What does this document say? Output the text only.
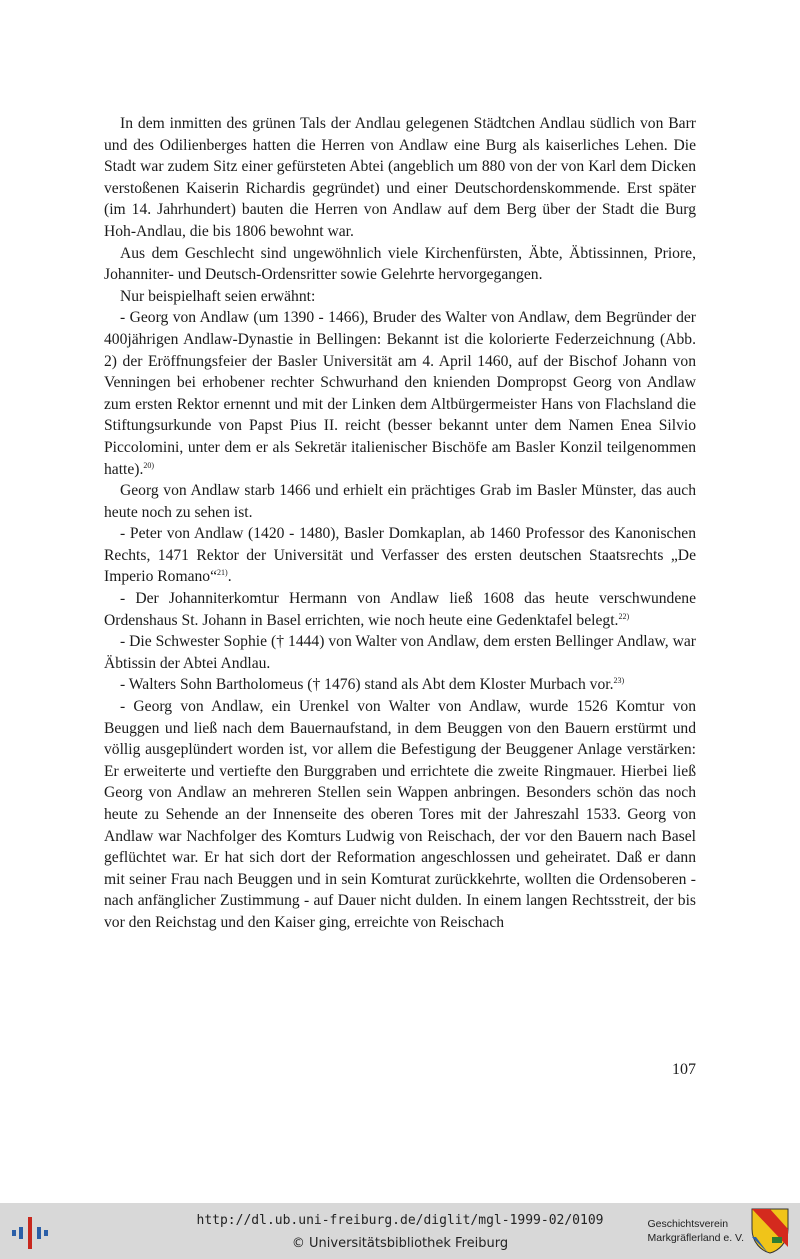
In dem inmitten des grünen Tals der Andlau gelegenen Städtchen Andlau südlich von Barr und des Odilienberges hatten die Herren von Andlaw eine Burg als kaiserliches Lehen. Die Stadt war zudem Sitz einer gefürsteten Abtei (angeblich um 880 von der von Karl dem Dicken verstoßenen Kaiserin Richardis gegründet) und einer Deutschordenskommende. Erst später (im 14. Jahrhundert) bauten die Herren von Andlaw auf dem Berg über der Stadt die Burg Hoh-Andlau, die bis 1806 bewohnt war.

Aus dem Geschlecht sind ungewöhnlich viele Kirchenfürsten, Äbte, Äbtissinnen, Priore, Johanniter- und Deutsch-Ordensritter sowie Gelehrte hervorgegangen.

Nur beispielhaft seien erwähnt:

- Georg von Andlaw (um 1390 - 1466), Bruder des Walter von Andlaw, dem Begründer der 400jährigen Andlaw-Dynastie in Bellingen: Bekannt ist die kolorierte Federzeichnung (Abb. 2) der Eröffnungsfeier der Basler Universität am 4. April 1460, auf der Bischof Johann von Venningen bei erhobener rechter Schwurhand den knienden Dompropst Georg von Andlaw zum ersten Rektor ernennt und mit der Linken dem Altbürgermeister Hans von Flachsland die Stiftungsurkunde von Papst Pius II. reicht (besser bekannt unter dem Namen Enea Silvio Piccolomini, unter dem er als Sekretär italienischer Bischöfe am Basler Konzil teilgenommen hatte).$^{20)}$

Georg von Andlaw starb 1466 und erhielt ein prächtiges Grab im Basler Münster, das auch heute noch zu sehen ist.

- Peter von Andlaw (1420 - 1480), Basler Domkaplan, ab 1460 Professor des Kanonischen Rechts, 1471 Rektor der Universität und Verfasser des ersten deutschen Staatsrechts „De Imperio Romano“$^{21)}$.

- Der Johanniterkomtur Hermann von Andlaw ließ 1608 das heute verschwundene Ordenshaus St. Johann in Basel errichten, wie noch heute eine Gedenktafel belegt.$^{22)}$

- Die Schwester Sophie († 1444) von Walter von Andlaw, dem ersten Bellinger Andlaw, war Äbtissin der Abtei Andlau.

- Walters Sohn Bartholomeus († 1476) stand als Abt dem Kloster Murbach vor.$^{23)}$

- Georg von Andlaw, ein Urenkel von Walter von Andlaw, wurde 1526 Komtur von Beuggen und ließ nach dem Bauernaufstand, in dem Beuggen von den Bauern erstürmt und völlig ausgeplündert worden ist, vor allem die Befestigung der Beuggener Anlage verstärken: Er erweiterte und vertiefte den Burggraben und errichtete die zweite Ringmauer. Hierbei ließ Georg von Andlaw an mehreren Stellen sein Wappen anbringen. Besonders schön das noch heute zu Sehende an der Innenseite des oberen Tores mit der Jahreszahl 1533. Georg von Andlaw war Nachfolger des Komturs Ludwig von Reischach, der vor den Bauern nach Basel geflüchtet war. Er hat sich dort der Reformation angeschlossen und geheiratet. Daß er dann mit seiner Frau nach Beuggen und in sein Komturat zurückkehrte, wollten die Ordensoberen - nach anfänglicher Zustimmung - auf Dauer nicht dulden. In einem langen Rechtsstreit, der bis vor den Reichstag und den Kaiser ging, erreichte von Reischach

107
http://dl.ub.uni-freiburg.de/diglit/mgl-1999-02/0109
© Universitätsbibliothek Freiburg
Geschichtsverein
Markgräflerland e. V.
